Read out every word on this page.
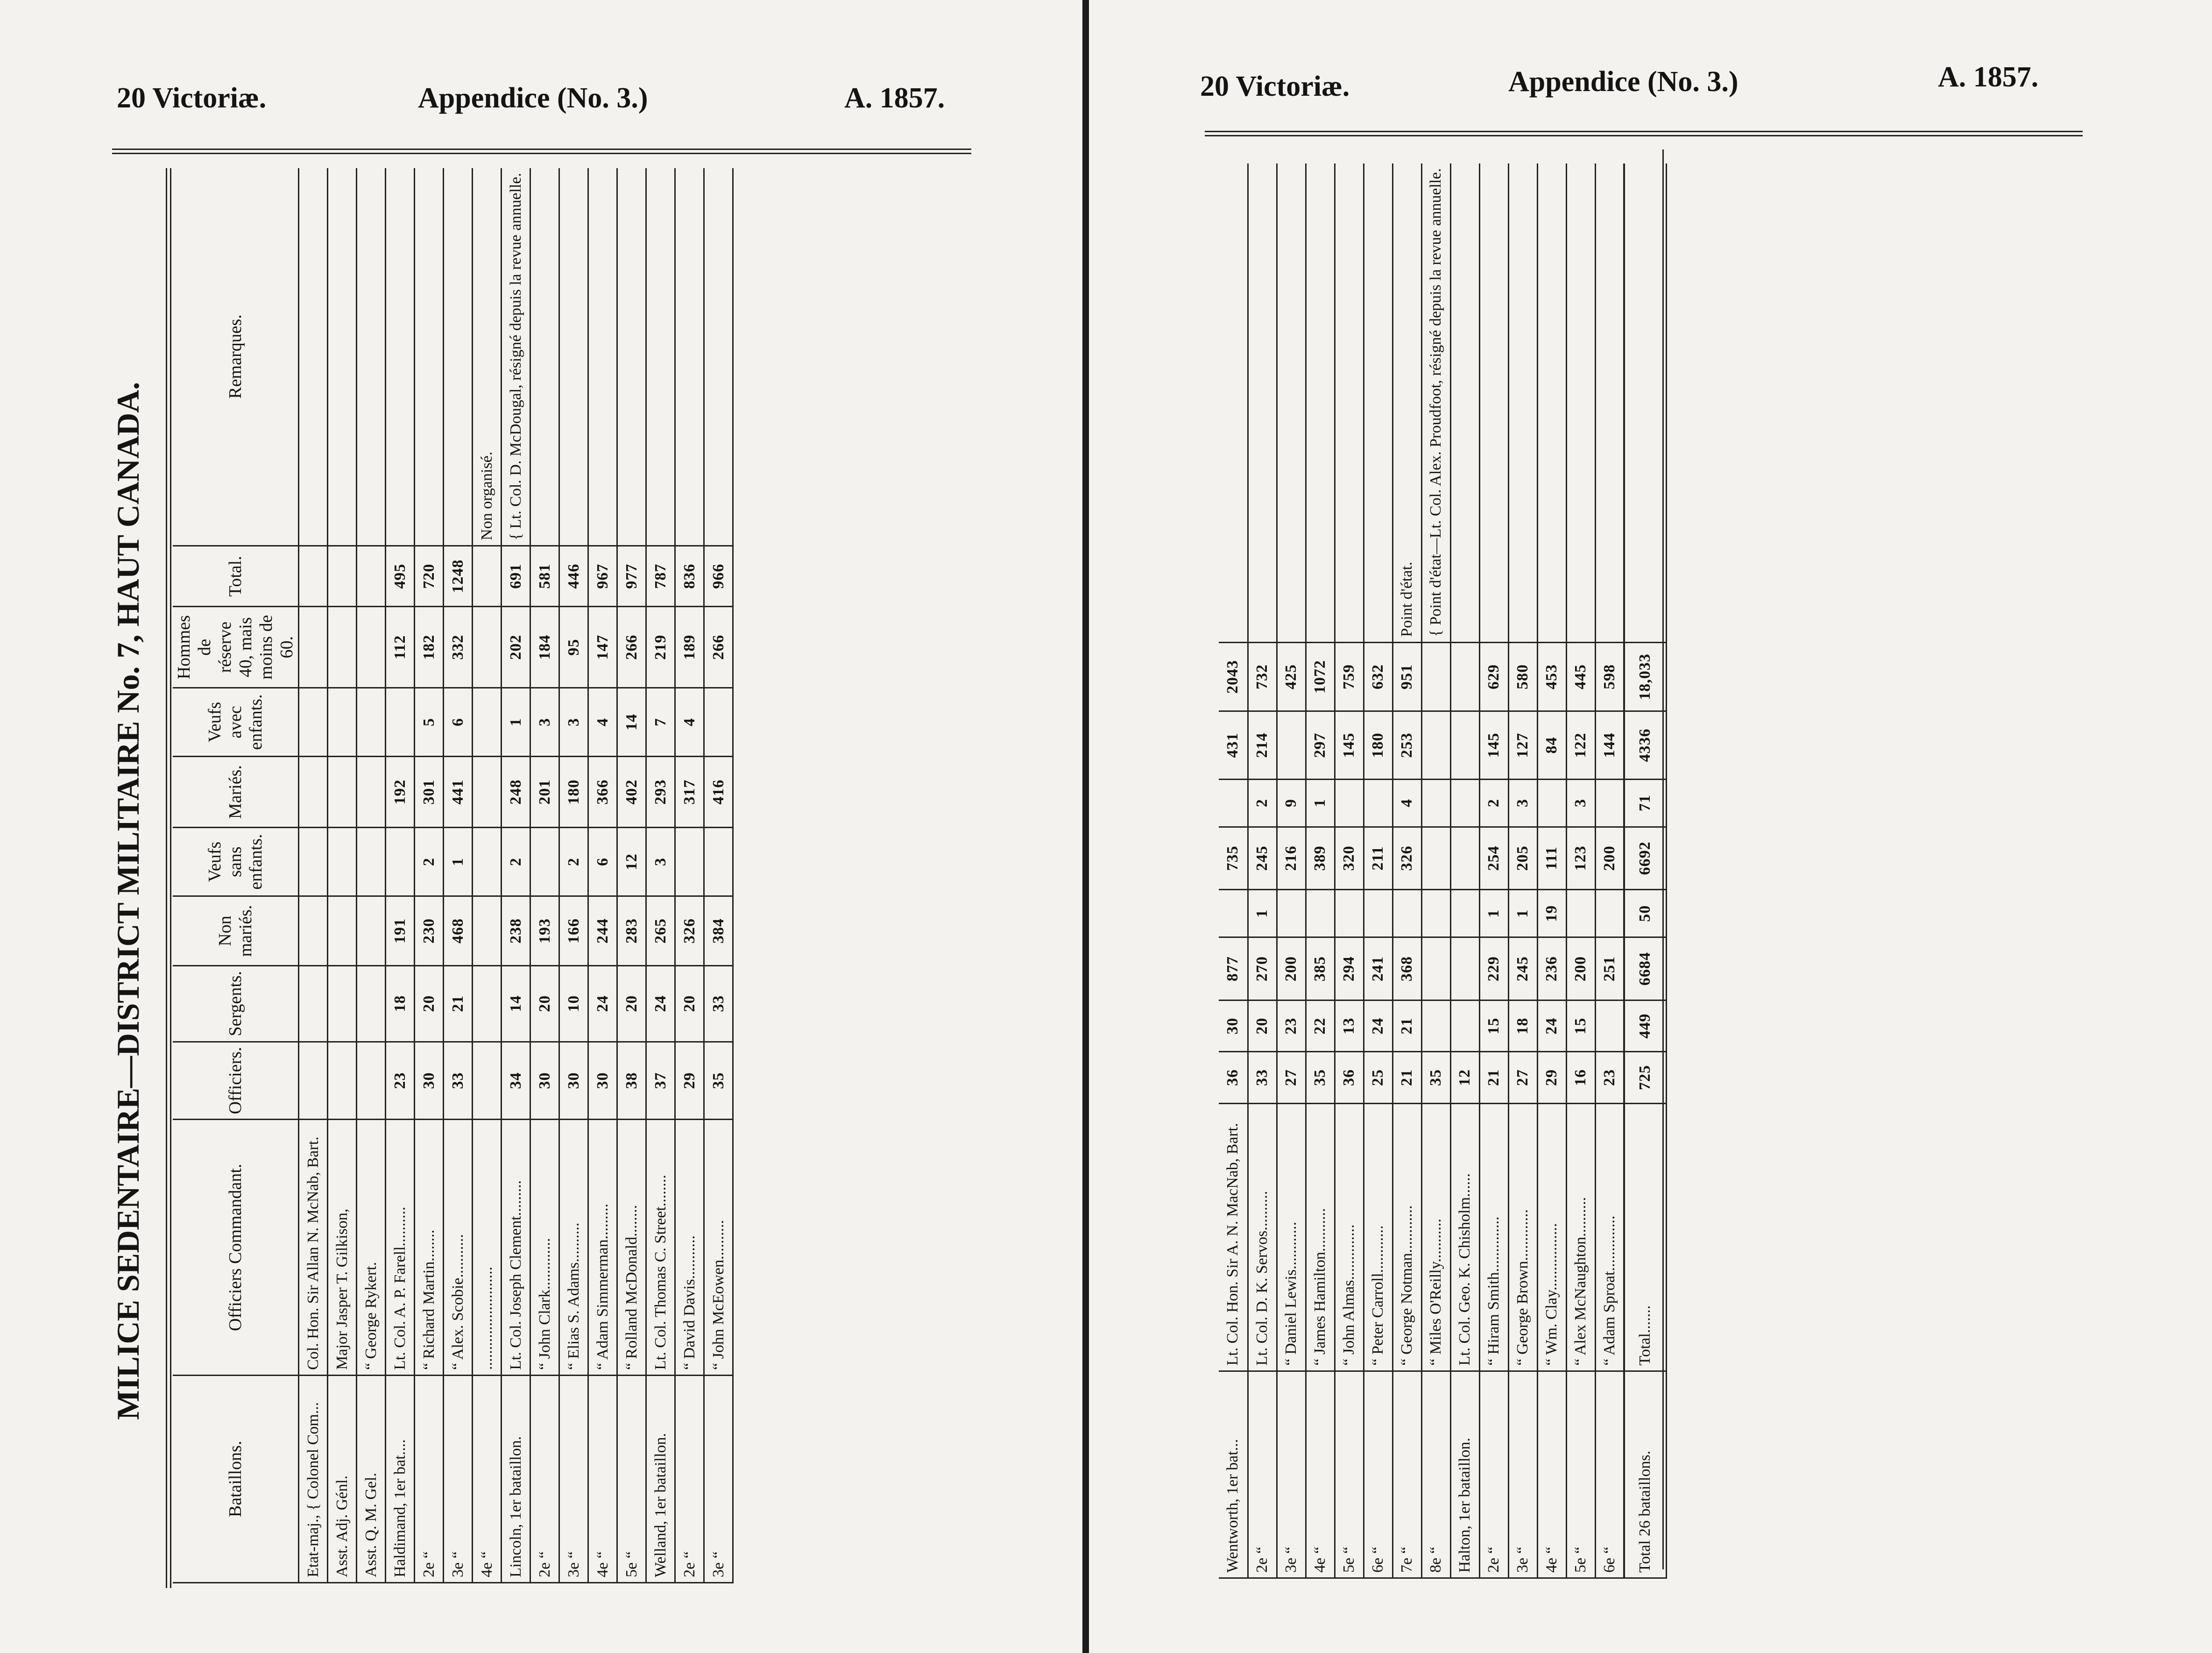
20 Victoriæ.	Appendice (No. 3.)	A. 1857.
MILICE SEDENTAIRE—DISTRICT MILITAIRE No. 7, HAUT CANADA.
Bataillons.	Officiers Commandant.	Officiers.	Sergents.	Non mariés.	Veufs sans enfants.	Mariés.	Veufs avec enfants.	Hommes de réserve 40, mais moins de 60.	Total.	Remarques.
Etat-maj., { Colonel Com...	Col. Hon. Sir Allan N. McNab, Bart.									
Asst. Adj. Génl.	Major Jasper T. Gilkison,									
Asst. Q. M. Gel.	“ George Rykert.									
Haldimand, 1er bat....	Lt. Col. A. P. Farell..........	23	18	191		192		112	495	
2e “	“ Richard Martin........	30	20	230	2	301	5	182	720	
3e “	“ Alex. Scobie...........	33	21	468	1	441	6	332	1248	
4e “	..........................									Non organisé.
Lincoln, 1er bataillon.	Lt. Col. Joseph Clement.........	34	14	238	2	248	1	202	691	{ Lt. Col. D. McDougal, résigné depuis la revue annuelle.
2e “	“ John Clark.............	30	20	193		201	3	184	581	
3e “	“ Elias S. Adams..........	30	10	166	2	180	3	95	446	
4e “	“ Adam Simmerman.........	30	24	244	6	366	4	147	967	
5e “	“ Rolland McDonald........	38	20	283	12	402	14	266	977	
Welland, 1er bataillon.	Lt. Col. Thomas C. Street........	37	24	265	3	293	7	219	787	
2e “	“ David Davis...........	29	20	326		317	4	189	836	
3e “	“ John McEowen..........	35	33	384		416		266	966	
20 Victoriæ.	Appendice (No. 3.)	A. 1857.

Wentworth, 1er bat...	Lt. Col. Hon. Sir A. N. MacNab, Bart.	36	30	877		735		431	2043	
2e “	Lt. Col. D. K. Servos..........	33	20	270	1	245	2	214	732	
3e “	“ Daniel Lewis............	27	23	200		216	9		425	
4e “	“ James Hamilton...........	35	22	385		389	1	297	1072	
5e “	“ John Almas..............	36	13	294		320		145	759	
6e “	“ Peter Carroll............	25	24	241		211		180	632	
7e “	“ George Notman............	21	21	368		326	4	253	951	Point d'état.
8e “	“ Miles O'Reilly...........	35								{ Point d'état—Lt. Col. Alex. Proudfoot, résigné depuis la revue annuelle.
Halton, 1er bataillon.	Lt. Col. Geo. K. Chisholm......	12								
2e “	“ Hiram Smith..............	21	15	229	1	254	2	145	629	
3e “	“ George Brown.............	27	18	245	1	205	3	127	580	
4e “	“ Wm. Clay.................	29	24	236	19	111		84	453	
5e “	“ Alex McNaughton..........	16	15	200		123	3	122	445	
6e “	“ Adam Sproat..............	23		251		200		144	598	
Total 26 bataillons.	Total.......	725	449	6684	50	6692	71	4336	18,033	
